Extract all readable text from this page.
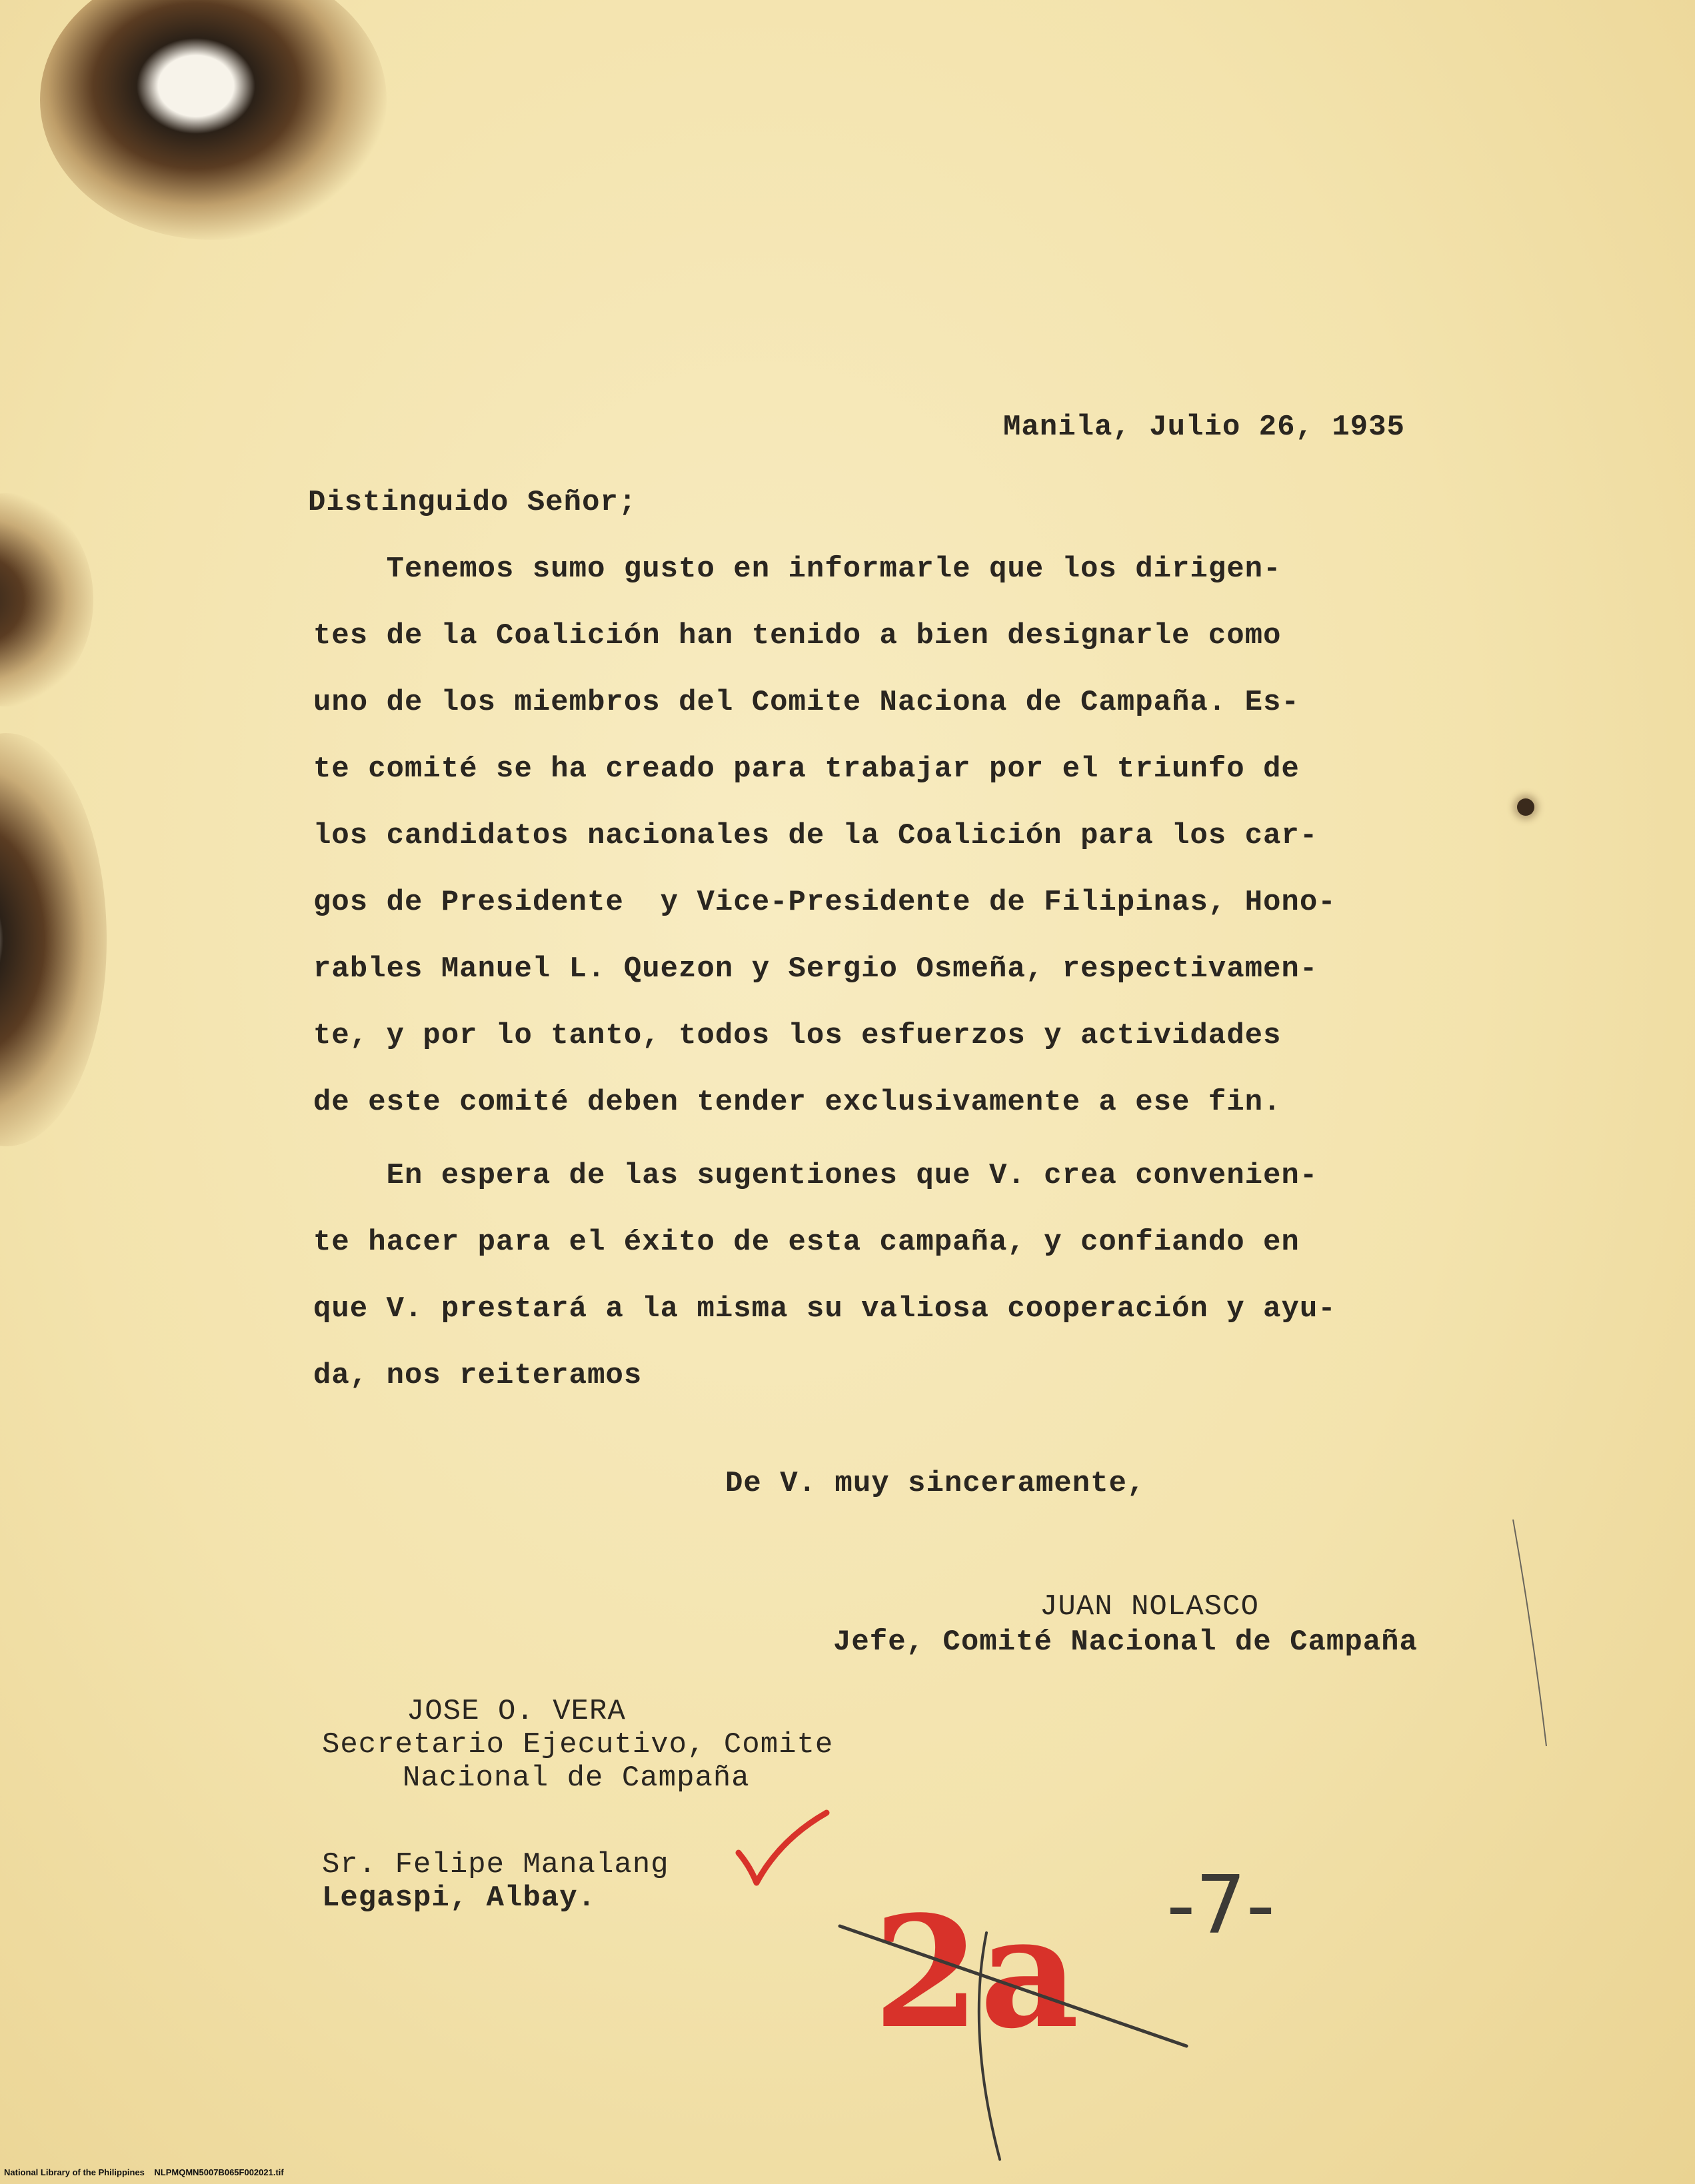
Manila, Julio 26, 1935

Distinguido Señor;

Tenemos sumo gusto en informarle que los dirigen-

tes de la Coalición han tenido a bien designarle como

uno de los miembros del Comite Naciona de Campaña. Es-

te comité se ha creado para trabajar por el triunfo de

los candidatos nacionales de la Coalición para los car-

gos de Presidente  y Vice-Presidente de Filipinas, Hono-

rables Manuel L. Quezon y Sergio Osmeña, respectivamen-

te, y por lo tanto, todos los esfuerzos y actividades

de este comité deben tender exclusivamente a ese fin.

En espera de las sugentiones que V. crea convenien-

te hacer para el éxito de esta campaña, y confiando en

que V. prestará a la misma su valiosa cooperación y ayu-

da, nos reiteramos

De V. muy sinceramente,

JUAN NOLASCO

Jefe, Comité Nacional de Campaña

JOSE O. VERA

Secretario Ejecutivo, Comite

Nacional de Campaña

Sr. Felipe Manalang

Legaspi, Albay. 2a -7-
National Library of the Philippines NLPMQMN5007B065F002021.tif
